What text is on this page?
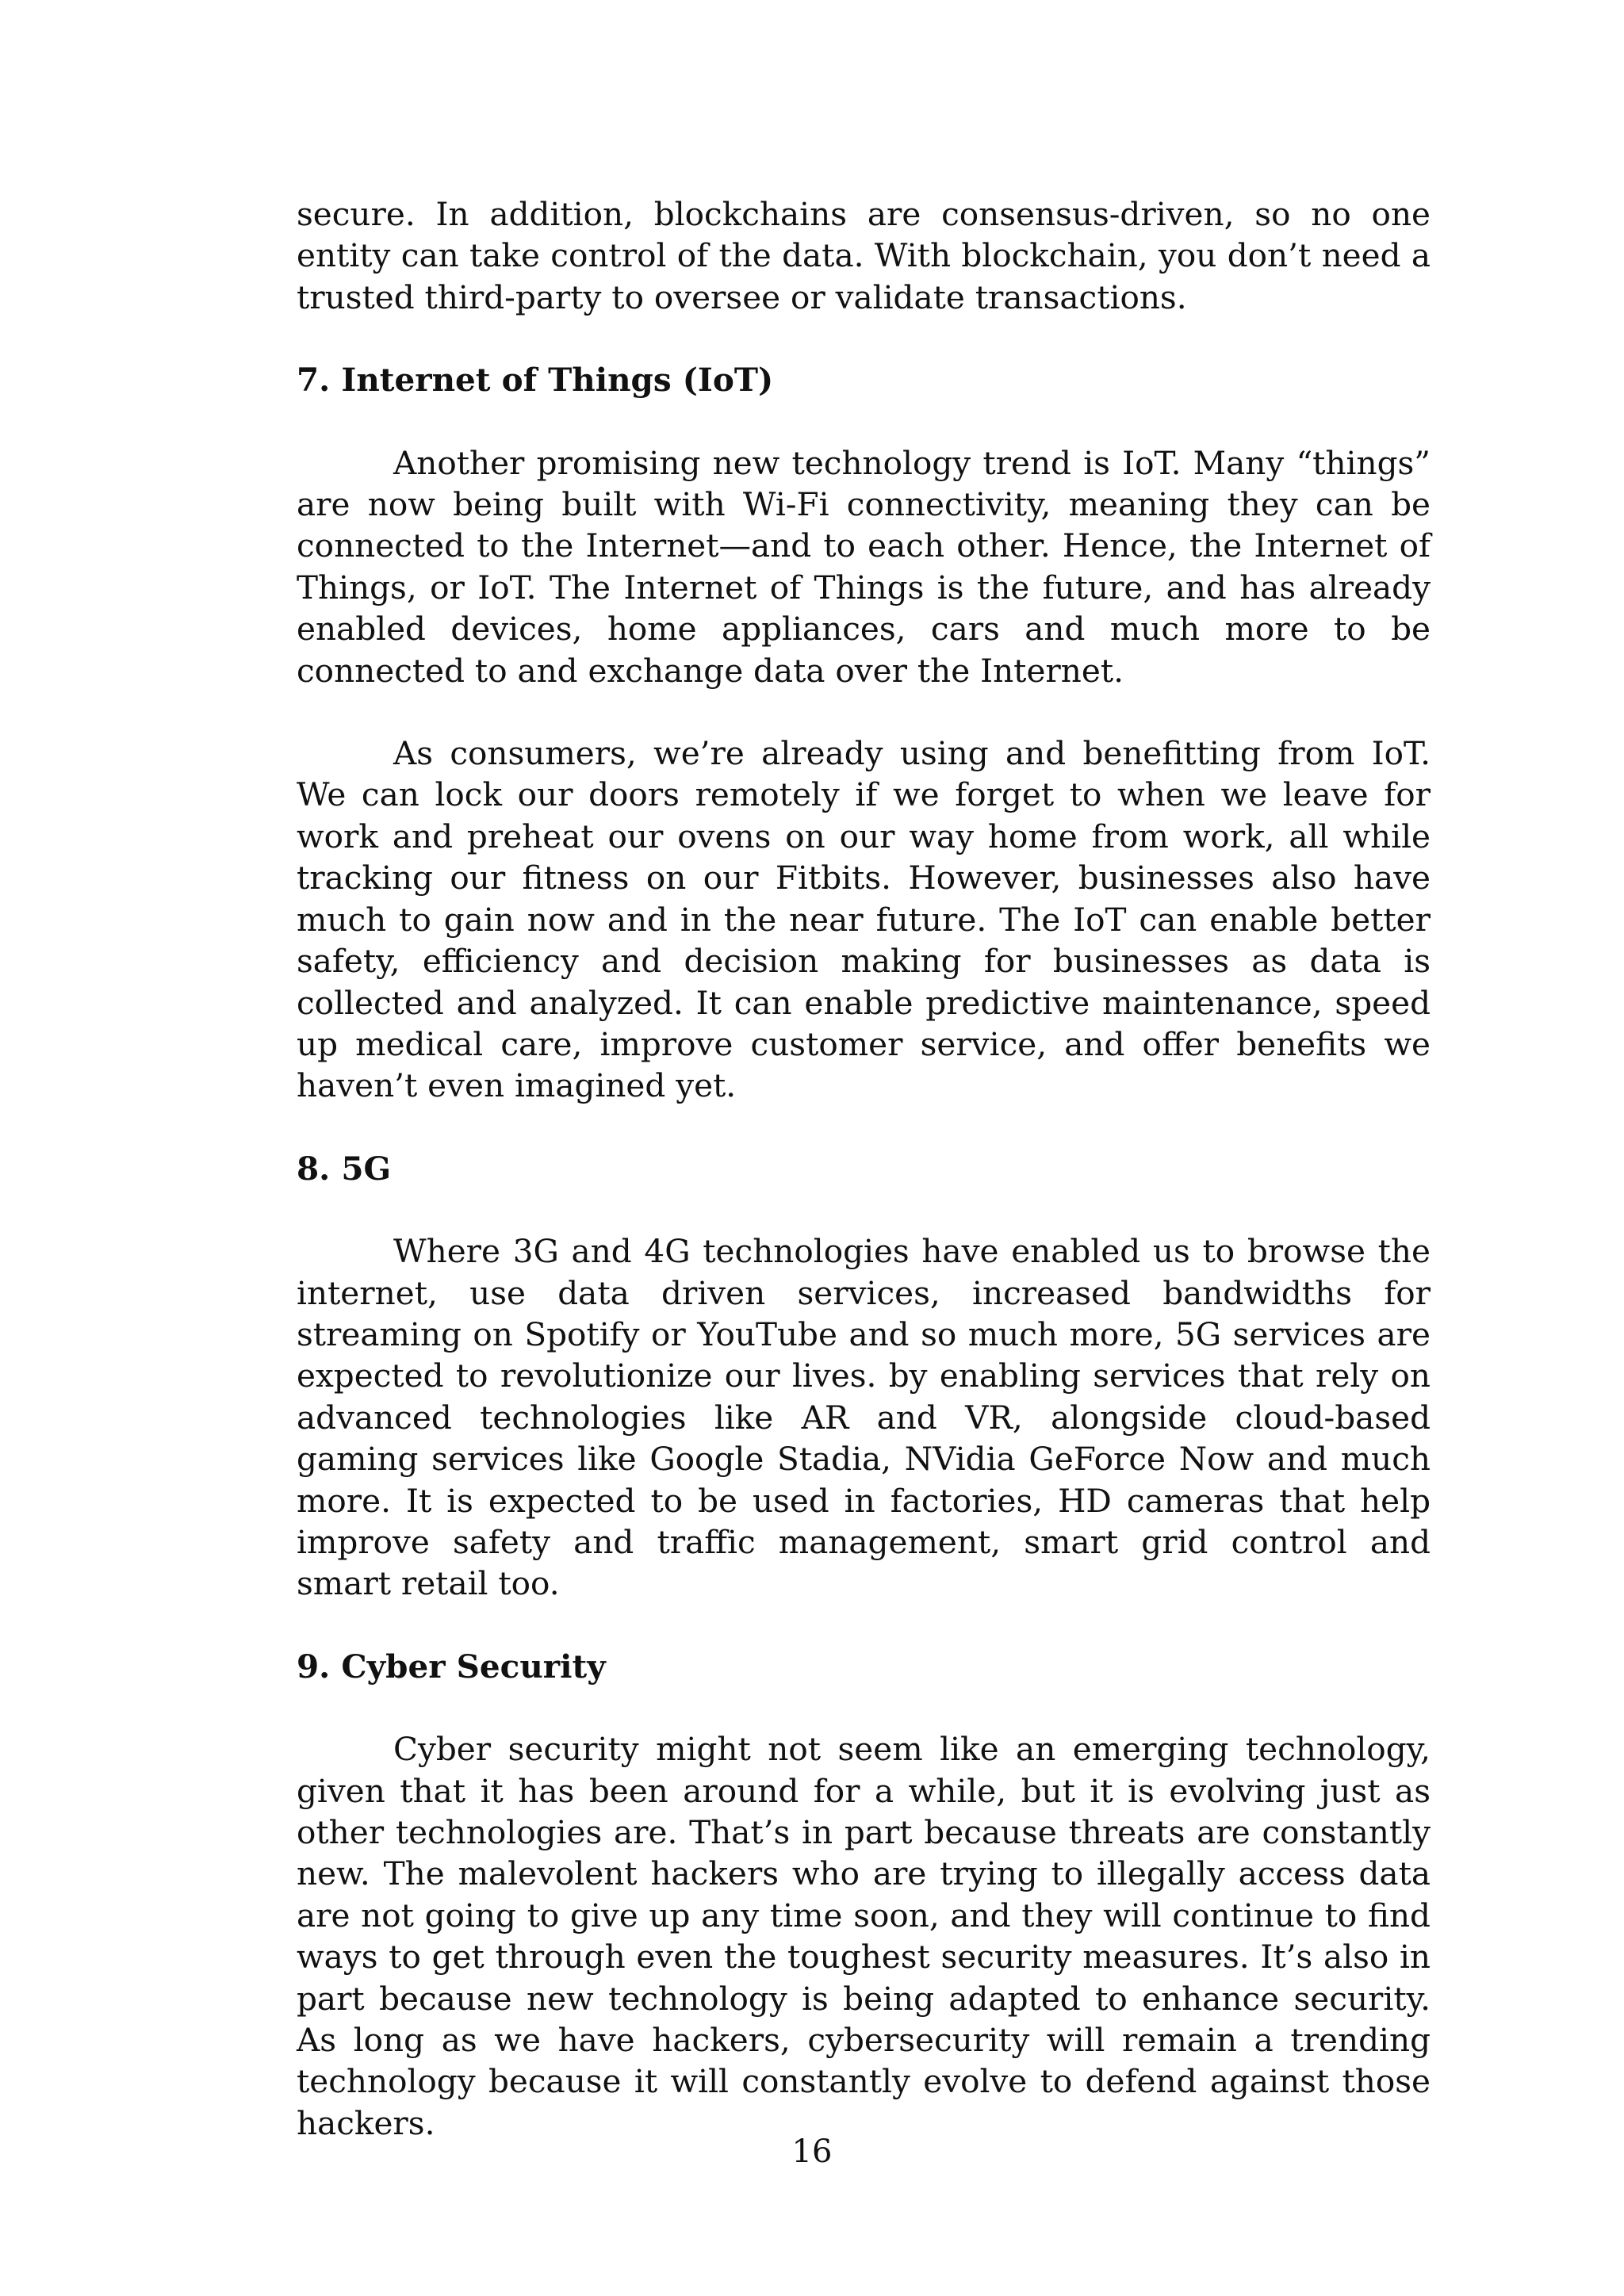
secure. In addition, blockchains are consensus-driven, so no one entity can take control of the data. With blockchain, you don’t need a trusted third-party to oversee or validate transactions.

7. Internet of Things (IoT)

Another promising new technology trend is IoT. Many “things” are now being built with Wi-Fi connectivity, meaning they can be connected to the Internet—and to each other. Hence, the Internet of Things, or IoT. The Internet of Things is the future, and has already enabled devices, home appliances, cars and much more to be connected to and exchange data over the Internet.

As consumers, we’re already using and benefitting from IoT. We can lock our doors remotely if we forget to when we leave for work and preheat our ovens on our way home from work, all while tracking our fitness on our Fitbits. However, businesses also have much to gain now and in the near future. The IoT can enable better safety, efficiency and decision making for businesses as data is collected and analyzed. It can enable predictive maintenance, speed up medical care, improve customer service, and offer benefits we haven’t even imagined yet.

8. 5G

Where 3G and 4G technologies have enabled us to browse the internet, use data driven services, increased bandwidths for streaming on Spotify or YouTube and so much more, 5G services are expected to revolutionize our lives. by enabling services that rely on advanced technologies like AR and VR, alongside cloud-based gaming services like Google Stadia, NVidia GeForce Now and much more. It is expected to be used in factories, HD cameras that help improve safety and traffic management, smart grid control and smart retail too.

9. Cyber Security

Cyber security might not seem like an emerging technology, given that it has been around for a while, but it is evolving just as other technologies are. That’s in part because threats are constantly new. The malevolent hackers who are trying to illegally access data are not going to give up any time soon, and they will continue to find ways to get through even the toughest security measures. It’s also in part because new technology is being adapted to enhance security. As long as we have hackers, cybersecurity will remain a trending technology because it will constantly evolve to defend against those hackers.

16
